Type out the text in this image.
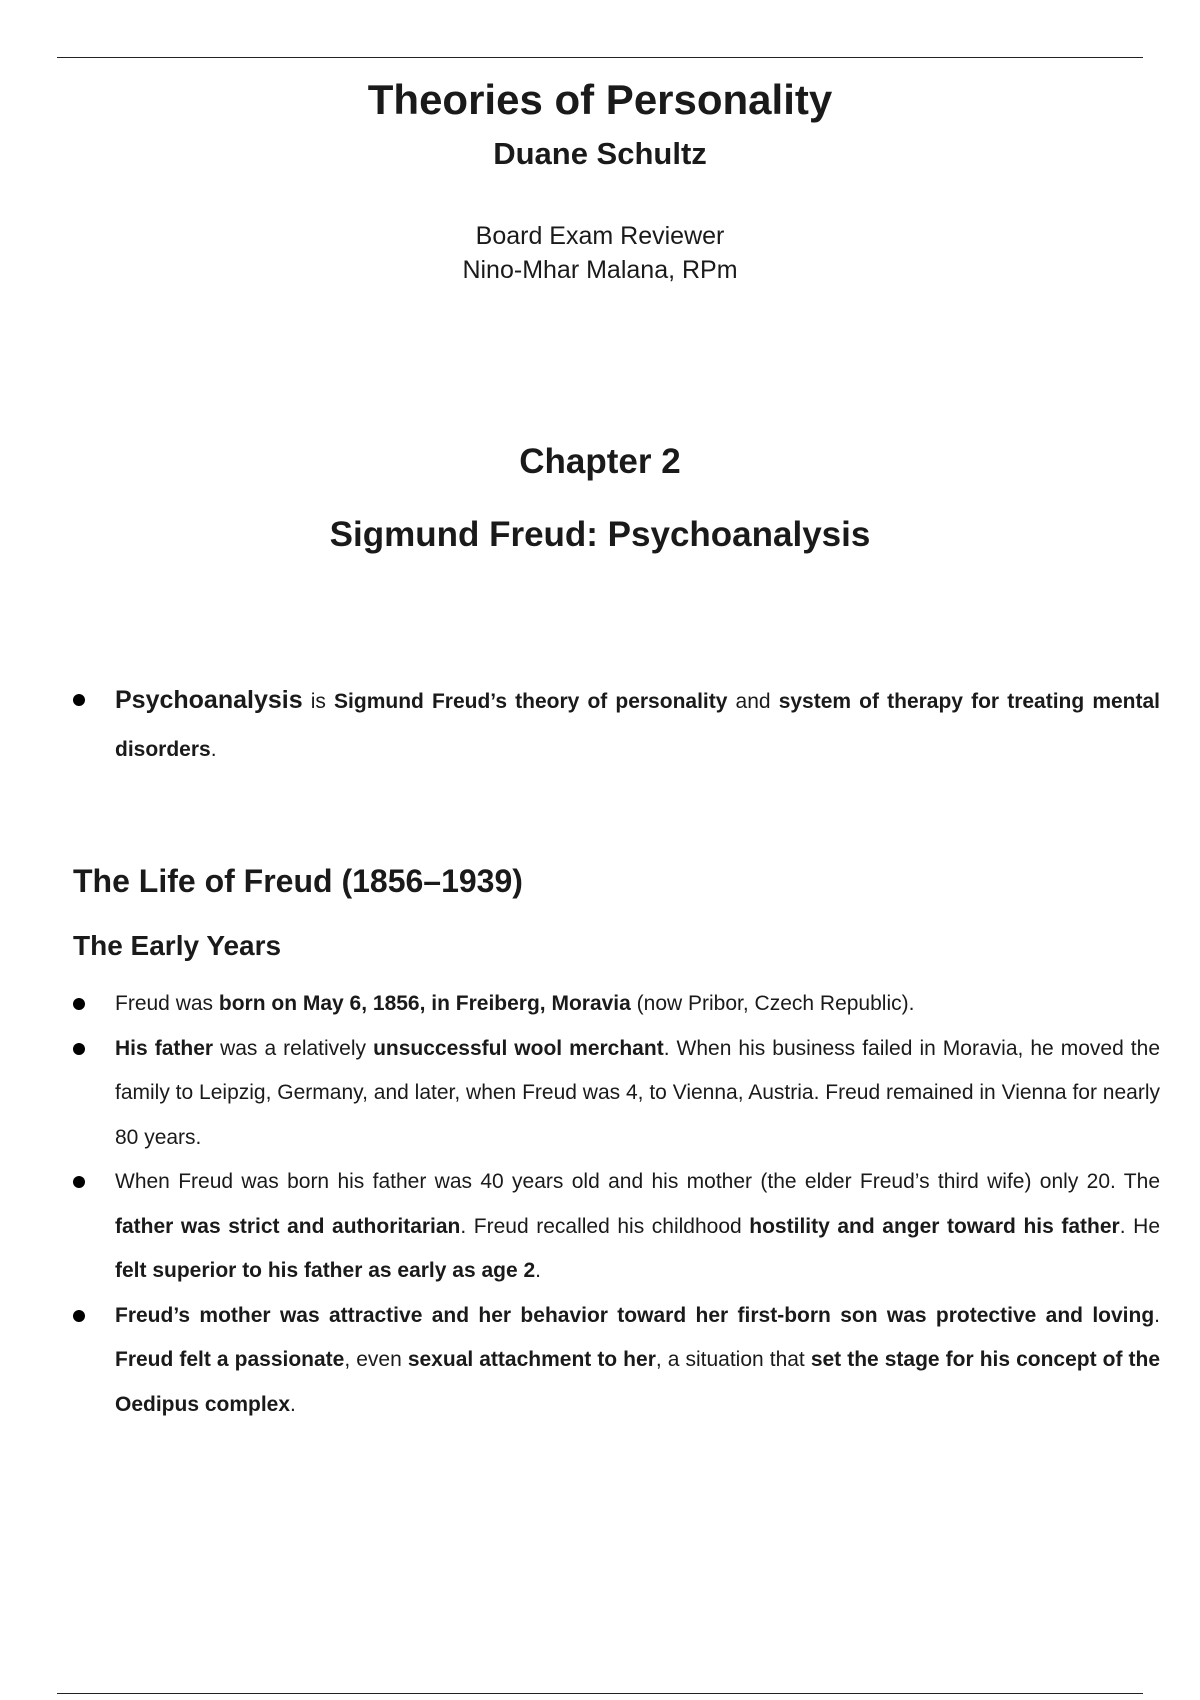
Theories of Personality
Duane Schultz
Board Exam Reviewer
Nino-Mhar Malana, RPm
Chapter 2
Sigmund Freud: Psychoanalysis
Psychoanalysis is Sigmund Freud’s theory of personality and system of therapy for treating mental disorders.
The Life of Freud (1856–1939)
The Early Years
Freud was born on May 6, 1856, in Freiberg, Moravia (now Pribor, Czech Republic).
His father was a relatively unsuccessful wool merchant. When his business failed in Moravia, he moved the family to Leipzig, Germany, and later, when Freud was 4, to Vienna, Austria. Freud remained in Vienna for nearly 80 years.
When Freud was born his father was 40 years old and his mother (the elder Freud’s third wife) only 20. The father was strict and authoritarian. Freud recalled his childhood hostility and anger toward his father. He felt superior to his father as early as age 2.
Freud’s mother was attractive and her behavior toward her first-born son was protective and loving. Freud felt a passionate, even sexual attachment to her, a situation that set the stage for his concept of the Oedipus complex.
